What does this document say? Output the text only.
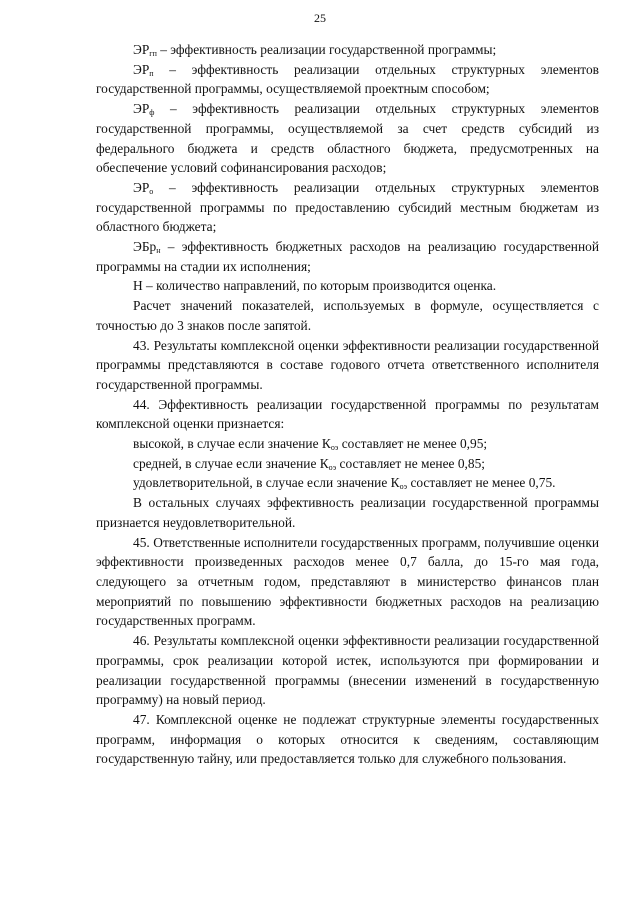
25

$ЭР_{гп}$ – эффективность реализации государственной программы;

$ЭР_п$ – эффективность реализации отдельных структурных элементов государственной программы, осуществляемой проектным способом;

$ЭР_ф$ – эффективность реализации отдельных структурных элементов государственной программы, осуществляемой за счет средств субсидий из федерального бюджета и средств областного бюджета, предусмотренных на обеспечение условий софинансирования расходов;

$ЭР_о$ – эффективность реализации отдельных структурных элементов государственной программы по предоставлению субсидий местным бюджетам из областного бюджета;

ЭБр$_н$ – эффективность бюджетных расходов на реализацию государственной программы на стадии их исполнения;

Н – количество направлений, по которым производится оценка.

Расчет значений показателей, используемых в формуле, осуществляется с точностью до 3 знаков после запятой.

43. Результаты комплексной оценки эффективности реализации государственной программы представляются в составе годового отчета ответственного исполнителя государственной программы.

44. Эффективность реализации государственной программы по результатам комплексной оценки признается:

высокой, в случае если значение $К_{оэ}$ составляет не менее 0,95;

средней, в случае если значение $К_{оэ}$ составляет не менее 0,85;

удовлетворительной, в случае если значение $К_{оэ}$ составляет не менее 0,75.

В остальных случаях эффективность реализации государственной программы признается неудовлетворительной.

45. Ответственные исполнители государственных программ, получившие оценки эффективности произведенных расходов менее 0,7 балла, до 15-го мая года, следующего за отчетным годом, представляют в министерство финансов план мероприятий по повышению эффективности бюджетных расходов на реализацию государственных программ.

46. Результаты комплексной оценки эффективности реализации государственной программы, срок реализации которой истек, используются при формировании и реализации государственной программы (внесении изменений в государственную программу) на новый период.

47. Комплексной оценке не подлежат структурные элементы государственных программ, информация о которых относится к сведениям, составляющим государственную тайну, или предоставляется только для служебного пользования.
